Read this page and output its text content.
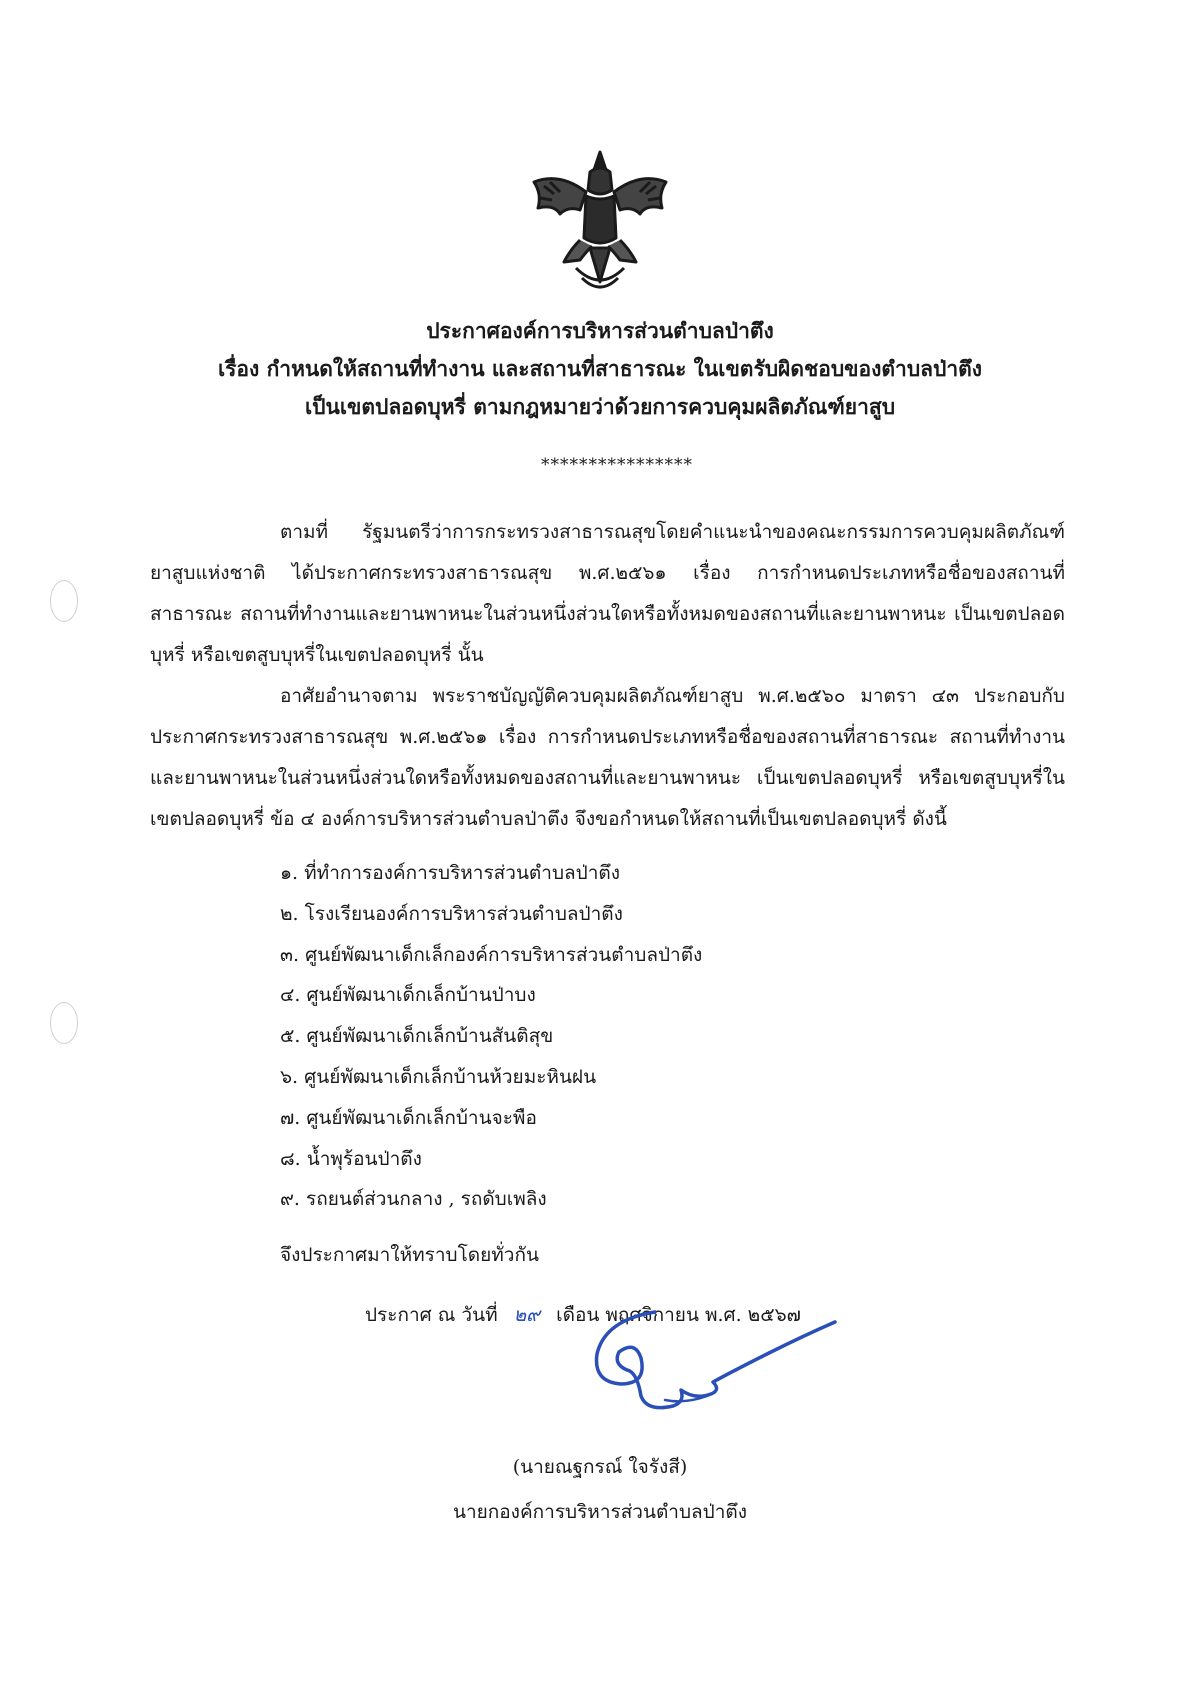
ประกาศองค์การบริหารส่วนตำบลป่าตึง
เรื่อง กำหนดให้สถานที่ทำงาน และสถานที่สาธารณะ ในเขตรับผิดชอบของตำบลป่าตึง
เป็นเขตปลอดบุหรี่ ตามกฎหมายว่าด้วยการควบคุมผลิตภัณฑ์ยาสูบ
****************

ตามที่ รัฐมนตรีว่าการกระทรวงสาธารณสุขโดยคำแนะนำของคณะกรรมการควบคุมผลิตภัณฑ์ยาสูบแห่งชาติ ได้ประกาศกระทรวงสาธารณสุข พ.ศ.๒๕๖๑ เรื่อง การกำหนดประเภทหรือชื่อของสถานที่สาธารณะ สถานที่ทำงานและยานพาหนะในส่วนหนึ่งส่วนใดหรือทั้งหมดของสถานที่และยานพาหนะ เป็นเขตปลอดบุหรี่ หรือเขตสูบบุหรี่ในเขตปลอดบุหรี่ นั้น

อาศัยอำนาจตาม พระราชบัญญัติควบคุมผลิตภัณฑ์ยาสูบ พ.ศ.๒๕๖๐ มาตรา ๔๓ ประกอบกับประกาศกระทรวงสาธารณสุข พ.ศ.๒๕๖๑ เรื่อง การกำหนดประเภทหรือชื่อของสถานที่สาธารณะ สถานที่ทำงานและยานพาหนะในส่วนหนึ่งส่วนใดหรือทั้งหมดของสถานที่และยานพาหนะ เป็นเขตปลอดบุหรี่ หรือเขตสูบบุหรี่ในเขตปลอดบุหรี่ ข้อ ๔ องค์การบริหารส่วนตำบลป่าตึง จึงขอกำหนดให้สถานที่เป็นเขตปลอดบุหรี่ ดังนี้

๑. ที่ทำการองค์การบริหารส่วนตำบลป่าตึง
๒. โรงเรียนองค์การบริหารส่วนตำบลป่าตึง
๓. ศูนย์พัฒนาเด็กเล็กองค์การบริหารส่วนตำบลป่าตึง
๔. ศูนย์พัฒนาเด็กเล็กบ้านป่าบง
๕. ศูนย์พัฒนาเด็กเล็กบ้านสันติสุข
๖. ศูนย์พัฒนาเด็กเล็กบ้านห้วยมะหินฝน
๗. ศูนย์พัฒนาเด็กเล็กบ้านจะพือ
๘. น้ำพุร้อนป่าตึง
๙. รถยนต์ส่วนกลาง , รถดับเพลิง
จึงประกาศมาให้ทราบโดยทั่วกัน
ประกาศ ณ วันที่ ๒๙ เดือน พฤศจิกายน พ.ศ. ๒๕๖๗
(นายณฐกรณ์ ใจรังสี)
นายกองค์การบริหารส่วนตำบลป่าตึง
